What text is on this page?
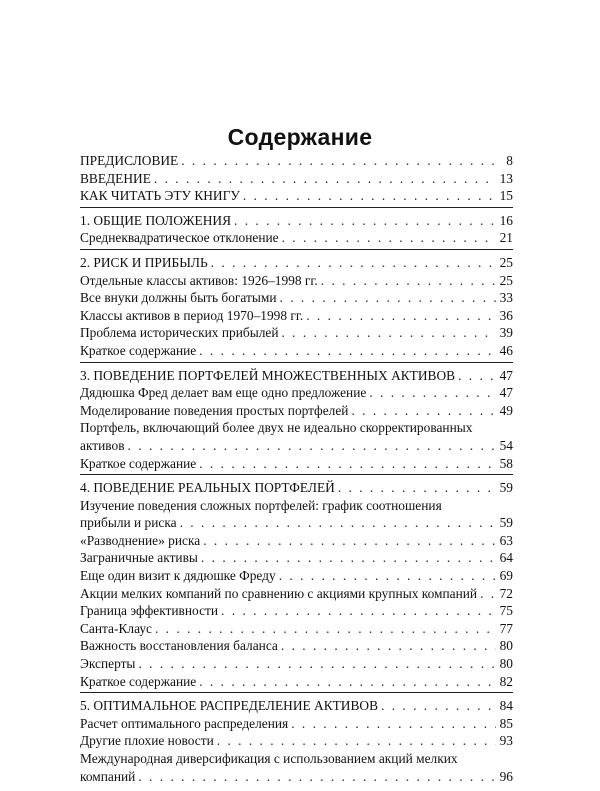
Содержание
ПРЕДИСЛОВИЕ . . .	8
ВВЕДЕНИЕ . . .	13
КАК ЧИТАТЬ ЭТУ КНИГУ . . .	15
1. ОБЩИЕ ПОЛОЖЕНИЯ . . .	16
Среднеквадратическое отклонение . . .	21
2. РИСК И ПРИБЫЛЬ . . .	25
Отдельные классы активов: 1926–1998 гг. . . .	25
Все внуки должны быть богатыми . . .	33
Классы активов в период 1970–1998 гг. . . .	36
Проблема исторических прибылей . . .	39
Краткое содержание . . .	46
3. ПОВЕДЕНИЕ ПОРТФЕЛЕЙ МНОЖЕСТВЕННЫХ АКТИВОВ . . .	47
Дядюшка Фред делает вам еще одно предложение . . .	47
Моделирование поведения простых портфелей . . .	49
Портфель, включающий более двух не идеально скорректированных
активов . . .	54
Краткое содержание . . .	58
4. ПОВЕДЕНИЕ РЕАЛЬНЫХ ПОРТФЕЛЕЙ . . .	59
Изучение поведения сложных портфелей: график соотношения
прибыли и риска . . .	59
«Разводнение» риска . . .	63
Заграничные активы . . .	64
Еще один визит к дядюшке Фреду . . .	69
Акции мелких компаний по сравнению с акциями крупных компаний . . . 72
Граница эффективности . . .	75
Санта-Клаус . . .	77
Важность восстановления баланса . . .	80
Эксперты . . .	80
Краткое содержание . . .	82
5. ОПТИМАЛЬНОЕ РАСПРЕДЕЛЕНИЕ АКТИВОВ . . .	84
Расчет оптимального распределения . . .	85
Другие плохие новости . . .	93
Международная диверсификация с использованием акций мелких
компаний . . .	96
